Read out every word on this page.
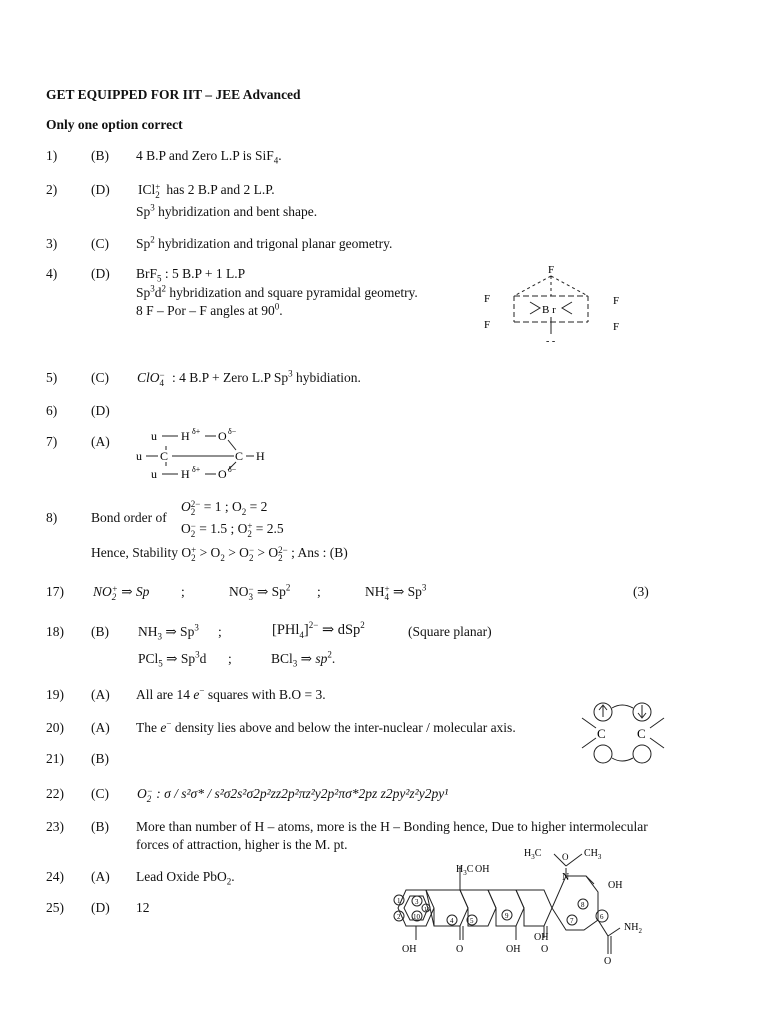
GET EQUIPPED FOR IIT – JEE Advanced
Only one option correct
1)	(B) 4 B.P and Zero L.P is SiF$_4$.
2)	(D) ICl +
2 has 2 B.P and 2 L.P.
Sp$^3$ hybridization and bent shape.
3)	(C) Sp$^2$ hybridization and trigonal planar geometry.
4)	(D) BrF$_5$ : 5 B.P + 1 L.P
$Sp^3d^2$ hybridization and square pyramidal geometry.
8 F – Por – F angles at $90^0$.
F
B r
F
F
F
F
- -
5)	(C) ClO −
4 : 4 B.P + Zero L.P Sp$^3$ hybidiation.
6)	(D)
7)	(A)	u H δ+ O δ−
u C	C H
u H δ+ O δ−
8)	Bond order of
O 2−
2 = 1 ; $O_2 = 2$
O −
2 = 1.5 ; O +
2 = 2.5
Hence, Stability O +
$2 > O_2 > O$ −
2 > O 2−
2 ; Ans : (B)
17) NO +
2 ⇒ Sp ;	NO −
3 ⇒ Sp$^2$ ;	NH +
4 ⇒ Sp$^3$	(3)
18) (B) $NH_3$ ⇒ Sp$^3$ ;	$[PHl_4]^{2-}$ ⇒ dSp$^2$	(Square planar)
PCl$_5$ ⇒ Sp$^3$d ;	BCl$_3$ ⇒ $sp^2$.
19) (A) All are 14 e− squares with B.O = 3.
20) (A) The e− density lies above and below the inter-nuclear / molecular axis.	C C
21) (B)
22) (C) O −
2 : σ / s²σ* / s²σ2s²σ2p²zz2p²πz²y2p²πσ*2pz z2py²z²y2py¹
23) (B) More than number of H – atoms, more is the H – Bonding hence, Due to higher intermolecular
forces of attraction, higher is the M. pt.
24) (A) Lead Oxide PbO$_2$.
25) (D) 12
$H_3C$ OH
N
$H_3C$ O $CH_3$
OH
$NH_2$
OH	O	OH
OH
O
O
1
2
3
4 5	6
7
8
9
10
11
